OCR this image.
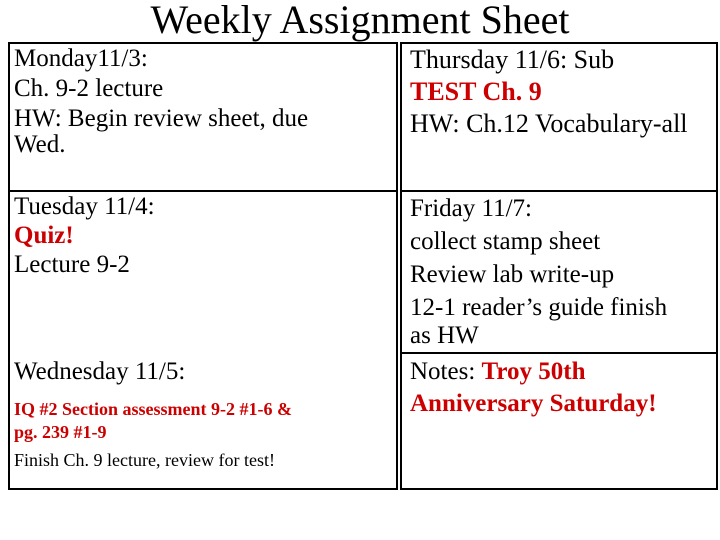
Weekly Assignment Sheet
Monday11/3:
Ch. 9-2 lecture
HW: Begin review sheet, due
Wed.
Thursday 11/6: Sub
TEST Ch. 9
HW: Ch.12 Vocabulary-all
Tuesday 11/4:
Quiz!
Lecture 9-2
Friday 11/7:
collect stamp sheet
Review lab write-up
12-1 reader’s guide finish
as HW
Wednesday 11/5:
IQ #2 Section assessment 9-2 #1-6 &
pg. 239 #1-9
Finish Ch. 9 lecture, review for test!
Notes: Troy 50th
Anniversary Saturday!
